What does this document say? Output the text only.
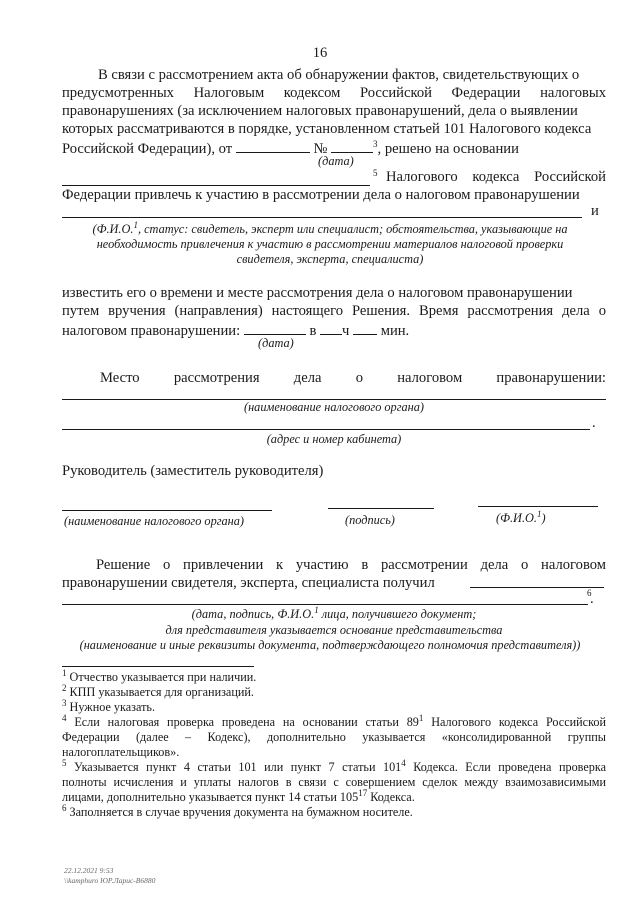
16
В связи с рассмотрением акта об обнаружении фактов, свидетельствующих о
предусмотренных Налоговым кодексом Российской Федерации налоговых
правонарушениях (за исключением налоговых правонарушений, дела о выявлении
которых рассматриваются в порядке, установленном статьей 101 Налогового кодекса
Российской Федерации), от	№	$^3$, решено на основании
(дата)
5 Налогового кодекса Российской
Федерации привлечь к участию в рассмотрении дела о налоговом правонарушении
и
(Ф.И.О.$^1$, статус: свидетель, эксперт или специалист; обстоятельства, указывающие на
необходимость привлечения к участию в рассмотрении материалов налоговой проверки
свидетеля, эксперта, специалиста)
известить его о времени и месте рассмотрения дела о налоговом правонарушении
путем вручения (направления) настоящего Решения. Время рассмотрения дела о
налоговом правонарушении:	в ч мин.
(дата)
Место рассмотрения дела о налоговом правонарушении:
(наименование налогового органа)
.
(адрес и номер кабинета)
Руководитель (заместитель руководителя)
(наименование налогового органа)	(подпись)	(Ф.И.О.$^1$)
Решение о привлечении к участию в рассмотрении дела о налоговом
правонарушении свидетеля, эксперта, специалиста получил
6
.
(дата, подпись, Ф.И.О.$^1$ лица, получившего документ;
для представителя указывается основание представительства
(наименование и иные реквизиты документа, подтверждающего полномочия представителя))
$^1$ Отчество указывается при наличии.
$^2$ КПП указывается для организаций.
$^3$ Нужное указать.
$^4$ Если налоговая проверка проведена на основании статьи $89^1$ Налогового кодекса Российской
Федерации (далее – Кодекс), дополнительно указывается «консолидированной группы
налогоплательщиков».
$^5$ Указывается пункт 4 статьи 101 или пункт 7 статьи $101^4$ Кодекса. Если проведена проверка
полноты исчисления и уплаты налогов в связи с совершением сделок между взаимозависимыми
лицами, дополнительно указывается пункт 14 статьи $105^{17}$ Кодекса.
$^6$ Заполняется в случае вручения документа на бумажном носителе.
22.12.2021 9:53
\\kamphuro ЮР.Лаpuc-В6880
